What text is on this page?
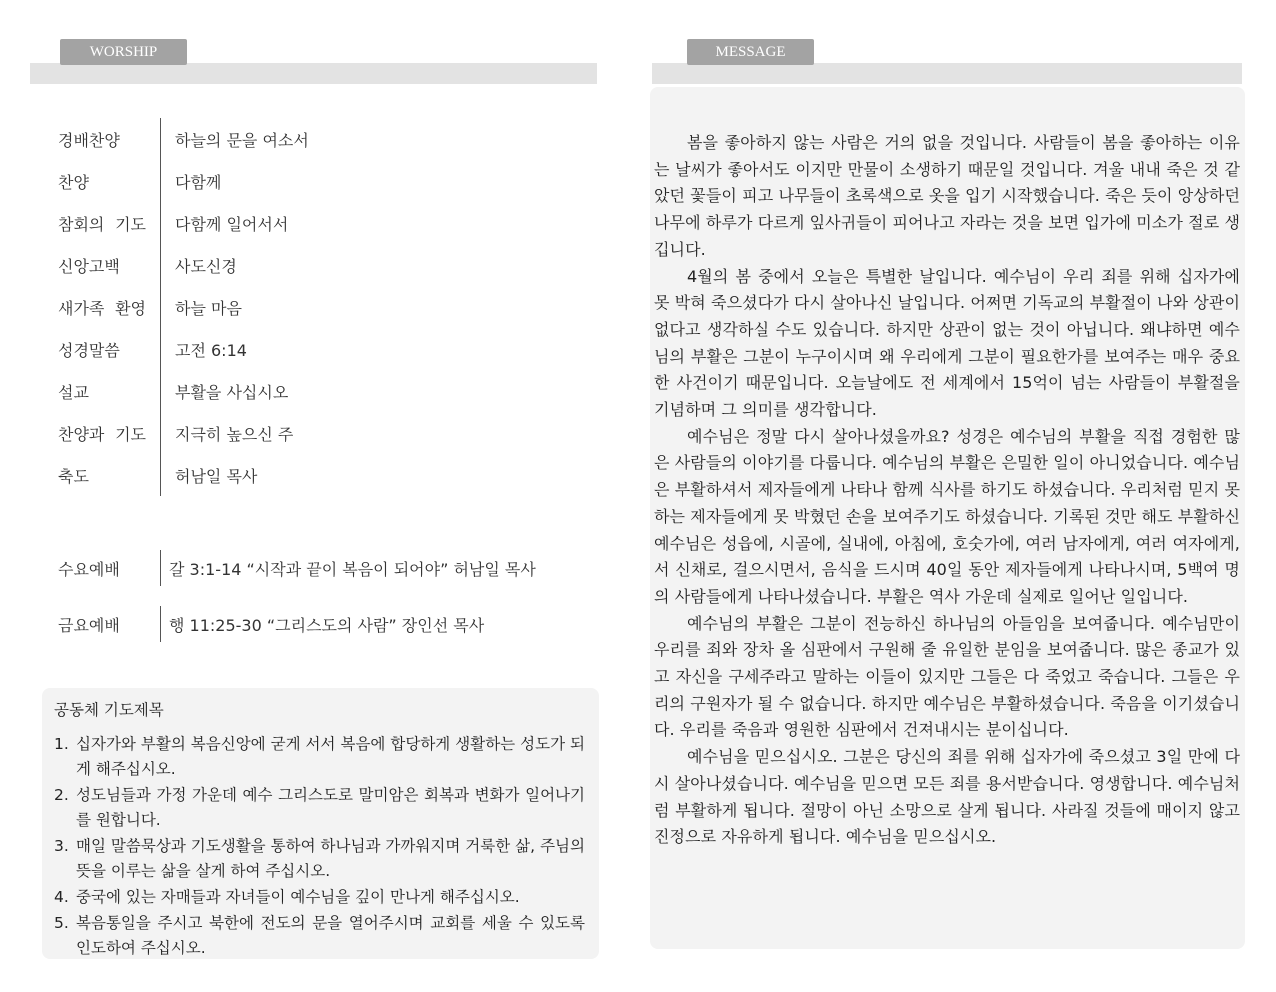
WORSHIP
경배찬양	하늘의 문을 여소서
찬양	다함께
참회의 기도	다함께 일어서서
신앙고백	사도신경
새가족 환영	하늘 마음
성경말씀	고전 6:14
설교	부활을 사십시오
찬양과 기도	지극히 높으신 주
축도	허남일 목사
수요예배	갈 3:1-14 “시작과 끝이 복음이 되어야” 허남일 목사
금요예배	행 11:25-30 “그리스도의 사람” 장인선 목사
공동체 기도제목
1. 십자가와 부활의 복음신앙에 굳게 서서 복음에 합당하게 생활하는 성도가 되게 해주십시오.
2. 성도님들과 가정 가운데 예수 그리스도로 말미암은 회복과 변화가 일어나기를 원합니다.
3. 매일 말씀묵상과 기도생활을 통하여 하나님과 가까워지며 거룩한 삶, 주님의 뜻을 이루는 삶을 살게 하여 주십시오.
4. 중국에 있는 자매들과 자녀들이 예수님을 깊이 만나게 해주십시오.
5. 복음통일을 주시고 북한에 전도의 문을 열어주시며 교회를 세울 수 있도록 인도하여 주십시오.
MESSAGE

봄을 좋아하지 않는 사람은 거의 없을 것입니다. 사람들이 봄을 좋아하는 이유는 날씨가 좋아서도 이지만 만물이 소생하기 때문일 것입니다. 겨울 내내 죽은 것 같았던 꽃들이 피고 나무들이 초록색으로 옷을 입기 시작했습니다. 죽은 듯이 앙상하던 나무에 하루가 다르게 잎사귀들이 피어나고 자라는 것을 보면 입가에 미소가 절로 생깁니다.

4월의 봄 중에서 오늘은 특별한 날입니다. 예수님이 우리 죄를 위해 십자가에 못 박혀 죽으셨다가 다시 살아나신 날입니다. 어쩌면 기독교의 부활절이 나와 상관이 없다고 생각하실 수도 있습니다. 하지만 상관이 없는 것이 아닙니다. 왜냐하면 예수님의 부활은 그분이 누구이시며 왜 우리에게 그분이 필요한가를 보여주는 매우 중요한 사건이기 때문입니다. 오늘날에도 전 세계에서 15억이 넘는 사람들이 부활절을 기념하며 그 의미를 생각합니다.

예수님은 정말 다시 살아나셨을까요? 성경은 예수님의 부활을 직접 경험한 많은 사람들의 이야기를 다룹니다. 예수님의 부활은 은밀한 일이 아니었습니다. 예수님은 부활하셔서 제자들에게 나타나 함께 식사를 하기도 하셨습니다. 우리처럼 믿지 못하는 제자들에게 못 박혔던 손을 보여주기도 하셨습니다. 기록된 것만 해도 부활하신 예수님은 성읍에, 시골에, 실내에, 아침에, 호숫가에, 여러 남자에게, 여러 여자에게, 서 신채로, 걸으시면서, 음식을 드시며 40일 동안 제자들에게 나타나시며, 5백여 명의 사람들에게 나타나셨습니다. 부활은 역사 가운데 실제로 일어난 일입니다.

예수님의 부활은 그분이 전능하신 하나님의 아들임을 보여줍니다. 예수님만이 우리를 죄와 장차 올 심판에서 구원해 줄 유일한 분임을 보여줍니다. 많은 종교가 있고 자신을 구세주라고 말하는 이들이 있지만 그들은 다 죽었고 죽습니다. 그들은 우리의 구원자가 될 수 없습니다. 하지만 예수님은 부활하셨습니다. 죽음을 이기셨습니다. 우리를 죽음과 영원한 심판에서 건져내시는 분이십니다.

예수님을 믿으십시오. 그분은 당신의 죄를 위해 십자가에 죽으셨고 3일 만에 다시 살아나셨습니다. 예수님을 믿으면 모든 죄를 용서받습니다. 영생합니다. 예수님처럼 부활하게 됩니다. 절망이 아닌 소망으로 살게 됩니다. 사라질 것들에 매이지 않고 진정으로 자유하게 됩니다. 예수님을 믿으십시오.
